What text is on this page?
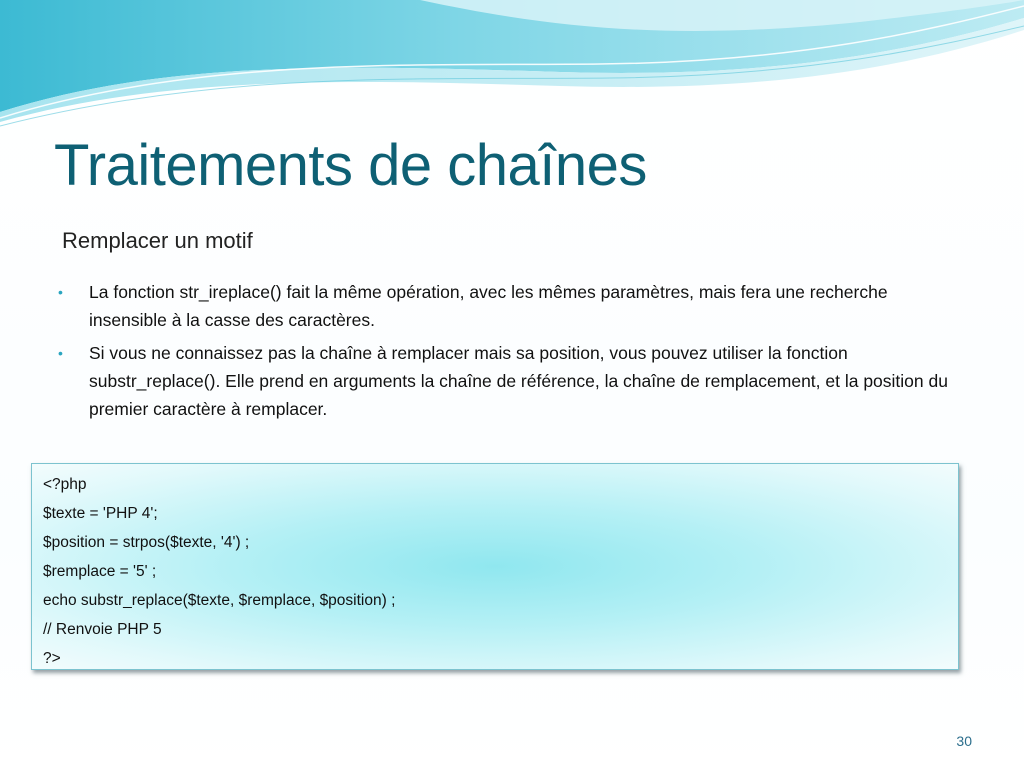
Traitements de chaînes
Remplacer un motif
• La fonction str_ireplace() fait la même opération, avec les mêmes paramètres, mais fera une recherche insensible à la casse des caractères.
• Si vous ne connaissez pas la chaîne à remplacer mais sa position, vous pouvez utiliser la fonction substr_replace(). Elle prend en arguments la chaîne de référence, la chaîne de remplacement, et la position du premier caractère à remplacer.
<?php
$texte = 'PHP 4';
$position = strpos($texte, '4') ;
$remplace = '5' ;
echo substr_replace($texte, $remplace, $position) ;
// Renvoie PHP 5
?>
30
